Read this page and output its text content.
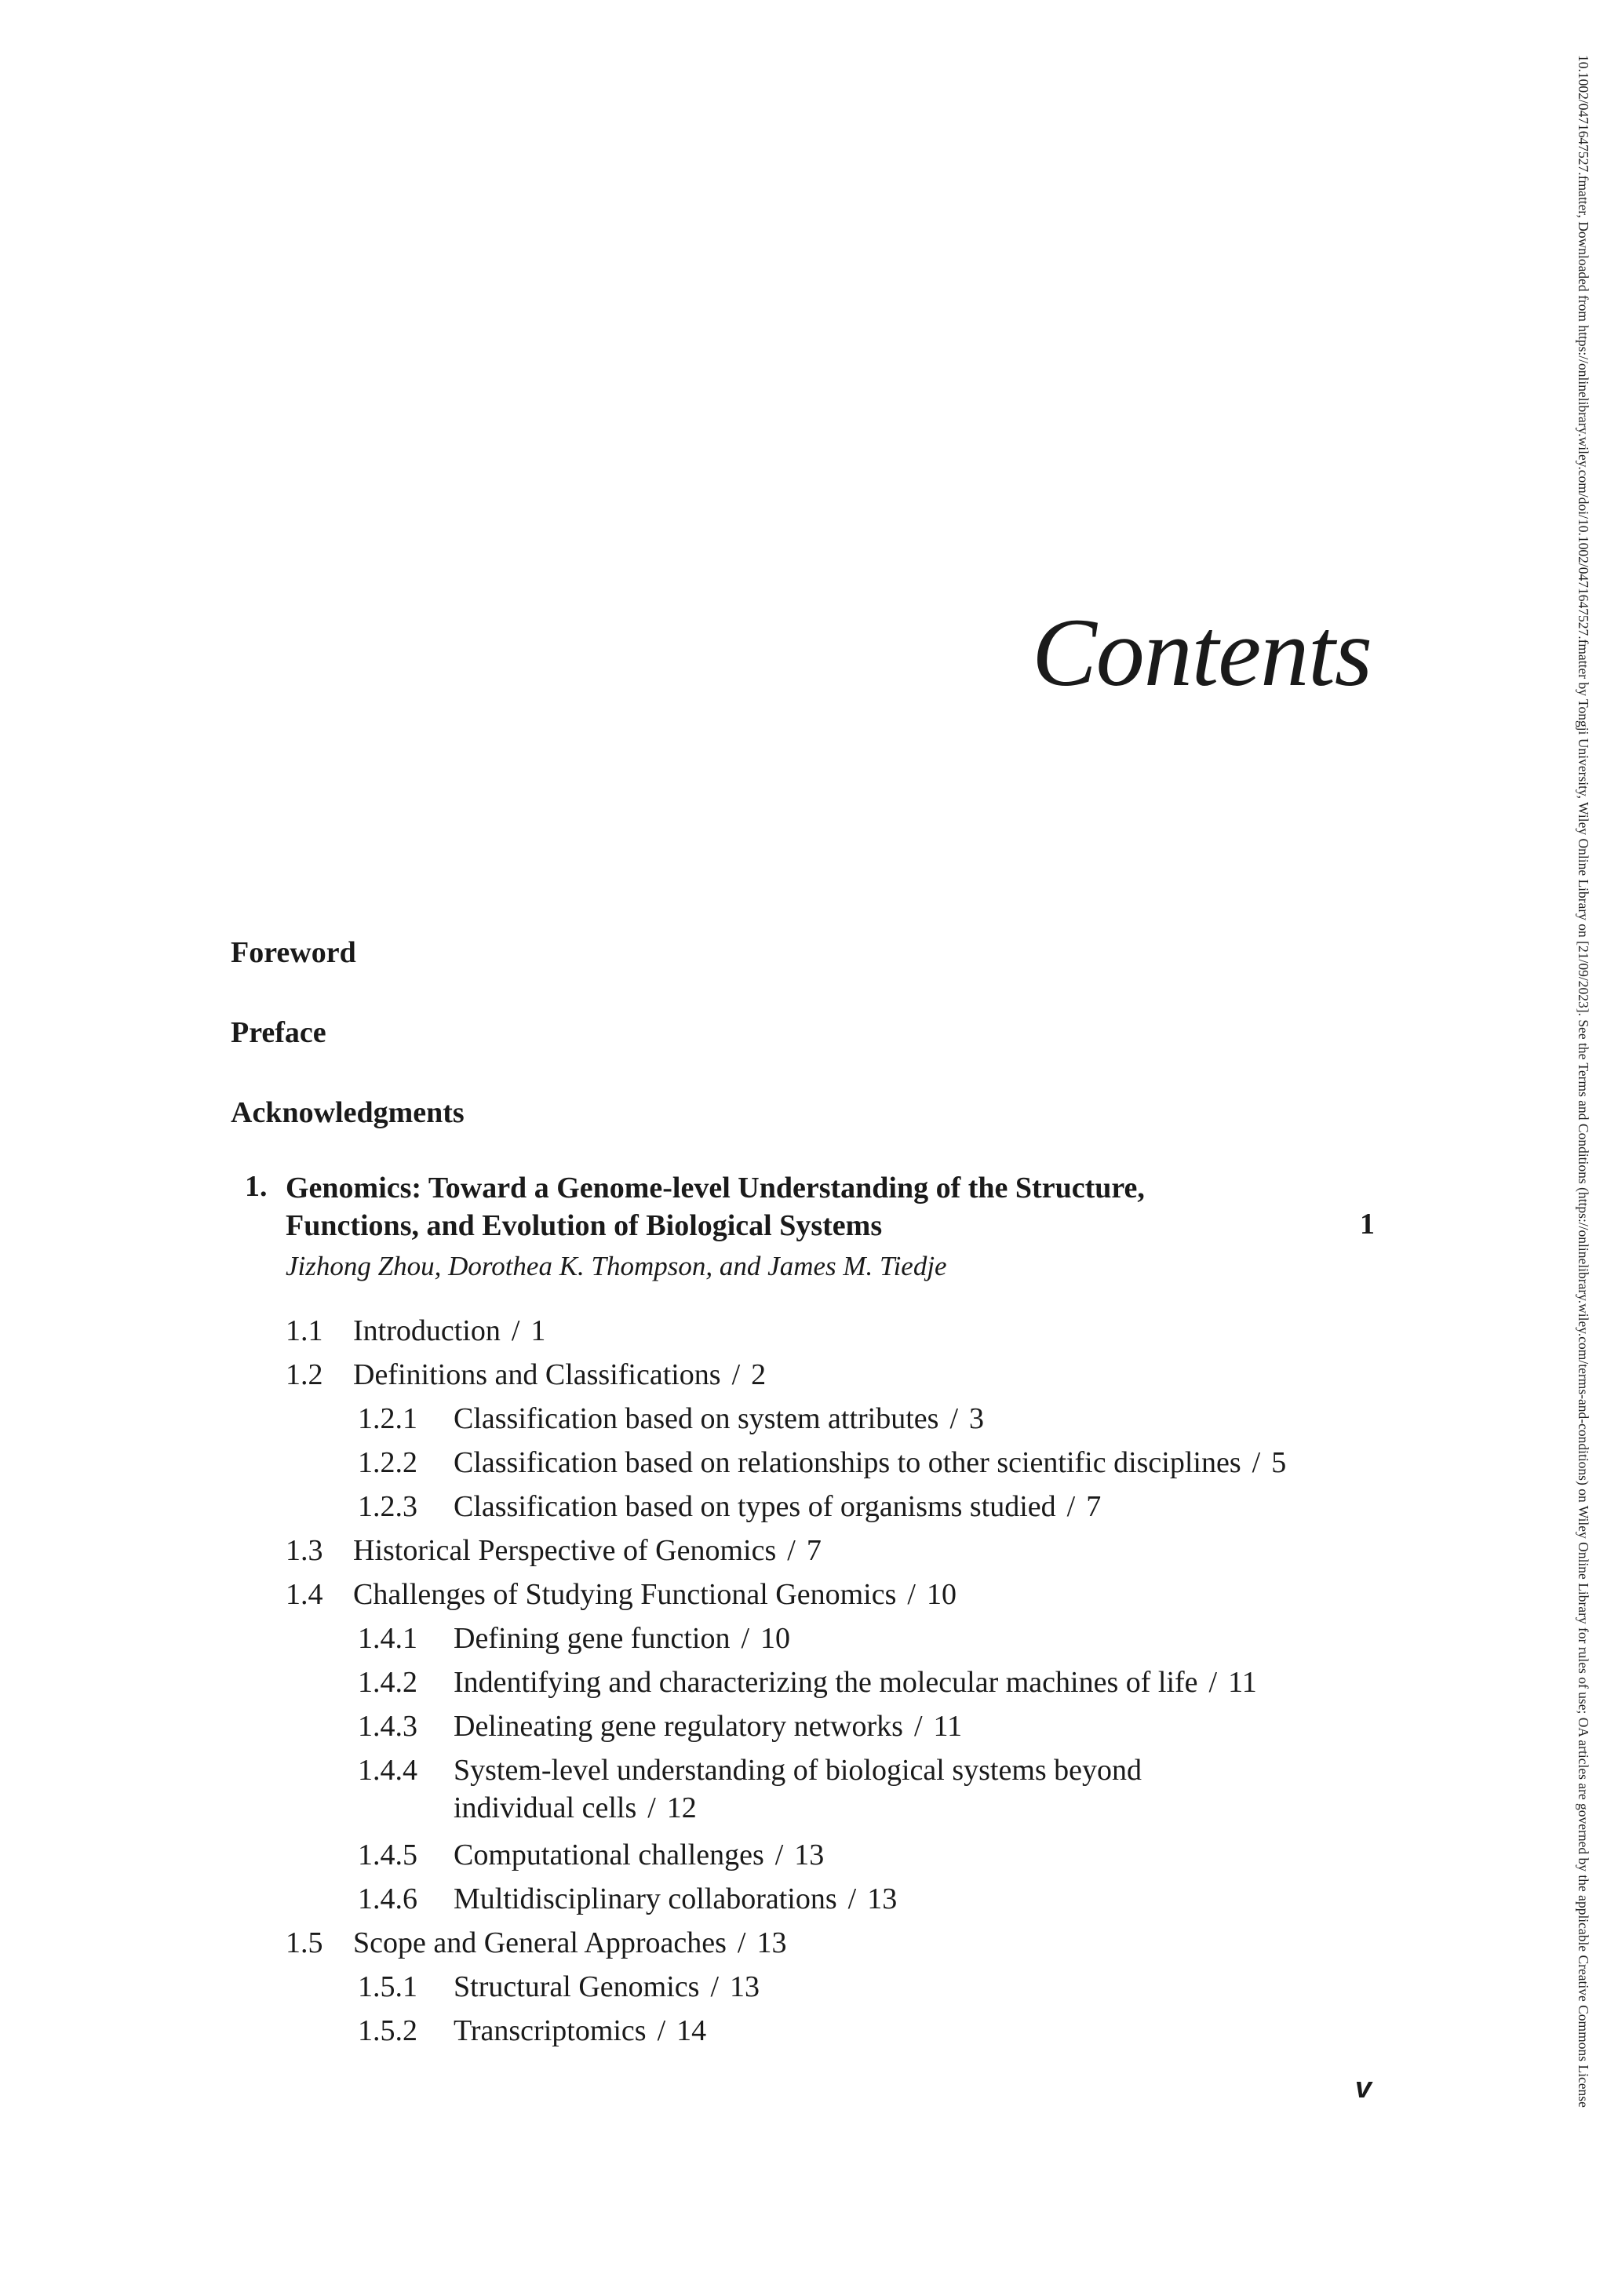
Contents
Foreword
Preface
Acknowledgments
1. Genomics: Toward a Genome-level Understanding of the Structure,
Functions, and Evolution of Biological Systems	1
Jizhong Zhou, Dorothea K. Thompson, and James M. Tiedje
1.1 Introduction / 1
1.2 Definitions and Classifications / 2
1.2.1 Classification based on system attributes / 3
1.2.2 Classification based on relationships to other scientific disciplines / 5
1.2.3 Classification based on types of organisms studied / 7
1.3 Historical Perspective of Genomics / 7
1.4 Challenges of Studying Functional Genomics / 10
1.4.1 Defining gene function / 10
1.4.2 Indentifying and characterizing the molecular machines of life / 11
1.4.3 Delineating gene regulatory networks / 11
1.4.4 System-level understanding of biological systems beyond
individual cells / 12
1.4.5 Computational challenges / 13
1.4.6 Multidisciplinary collaborations / 13
1.5 Scope and General Approaches / 13
1.5.1 Structural Genomics / 13
1.5.2 Transcriptomics / 14
v	10.1002/0471647527.fmatter, Downloaded from https://onlinelibrary.wiley.com/doi/10.1002/0471647527.fmatter by Tongji University, Wiley Online Library on [21/09/2023]. See the Terms and Conditions (https://onlinelibrary.wiley.com/terms-and-conditions) on Wiley Online Library for rules of use; OA articles are governed by the applicable Creative Commons License
